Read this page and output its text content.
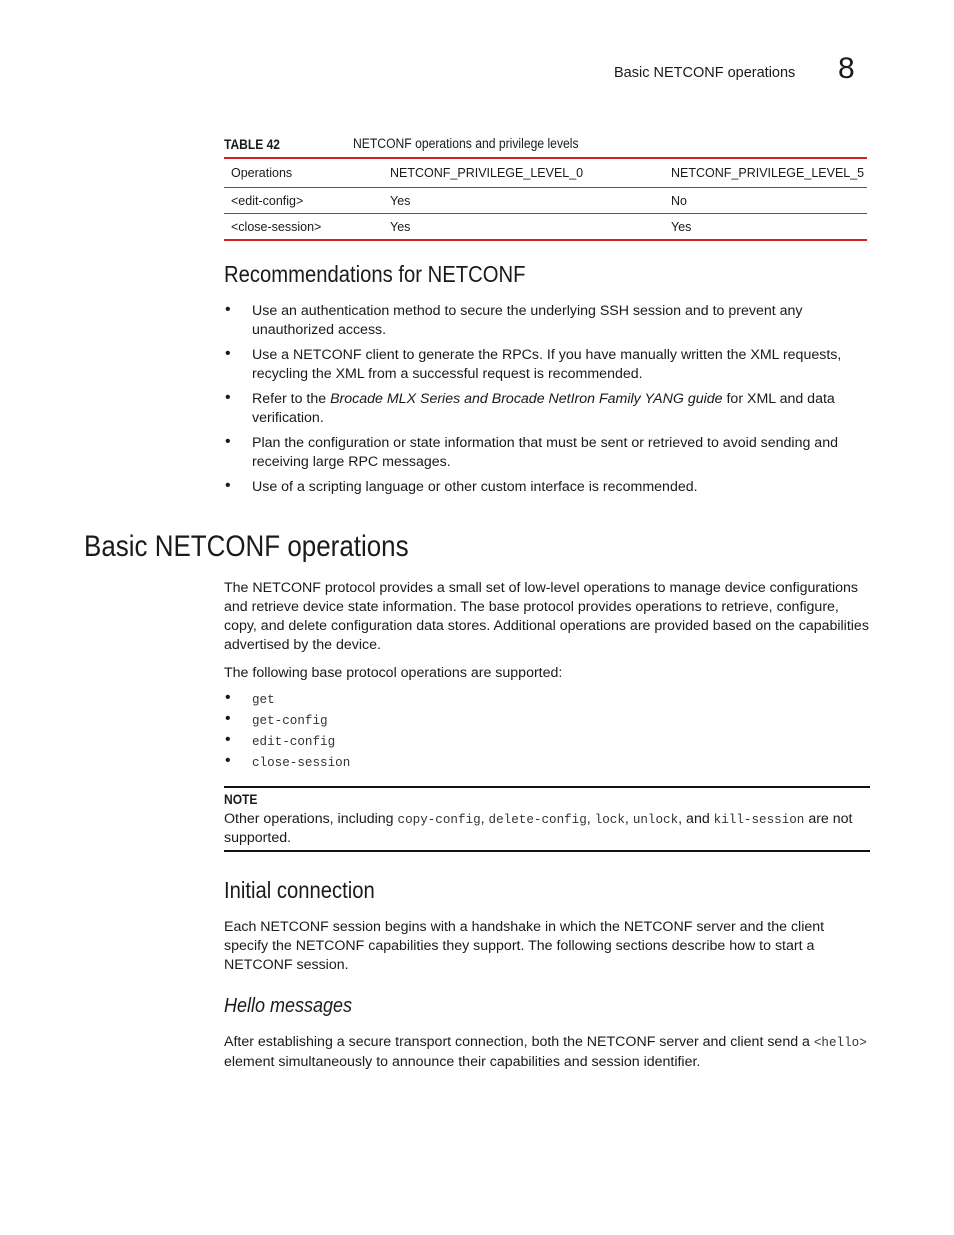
Basic NETCONF operations 8
TABLE 42	NETCONF operations and privilege levels
Operations	NETCONF_PRIVILEGE_LEVEL_0	NETCONF_PRIVILEGE_LEVEL_5
<edit-config>	Yes	No
<close-session>	Yes	Yes
Recommendations for NETCONF
• Use an authentication method to secure the underlying SSH session and to prevent any unauthorized access.
• Use a NETCONF client to generate the RPCs. If you have manually written the XML requests, recycling the XML from a successful request is recommended.
• Refer to the Brocade MLX Series and Brocade NetIron Family YANG guide for XML and data verification.
• Plan the configuration or state information that must be sent or retrieved to avoid sending and receiving large RPC messages.
• Use of a scripting language or other custom interface is recommended.
Basic NETCONF operations

The NETCONF protocol provides a small set of low-level operations to manage device configurations and retrieve device state information. The base protocol provides operations to retrieve, configure, copy, and delete configuration data stores. Additional operations are provided based on the capabilities advertised by the device.

The following base protocol operations are supported:

• get
• get-config
• edit-config
• close-session
NOTE
Other operations, including copy-config, delete-config, lock, unlock, and kill-session are not supported.
Initial connection

Each NETCONF session begins with a handshake in which the NETCONF server and the client specify the NETCONF capabilities they support. The following sections describe how to start a NETCONF session.

Hello messages

After establishing a secure transport connection, both the NETCONF server and client send a <hello> element simultaneously to announce their capabilities and session identifier.
